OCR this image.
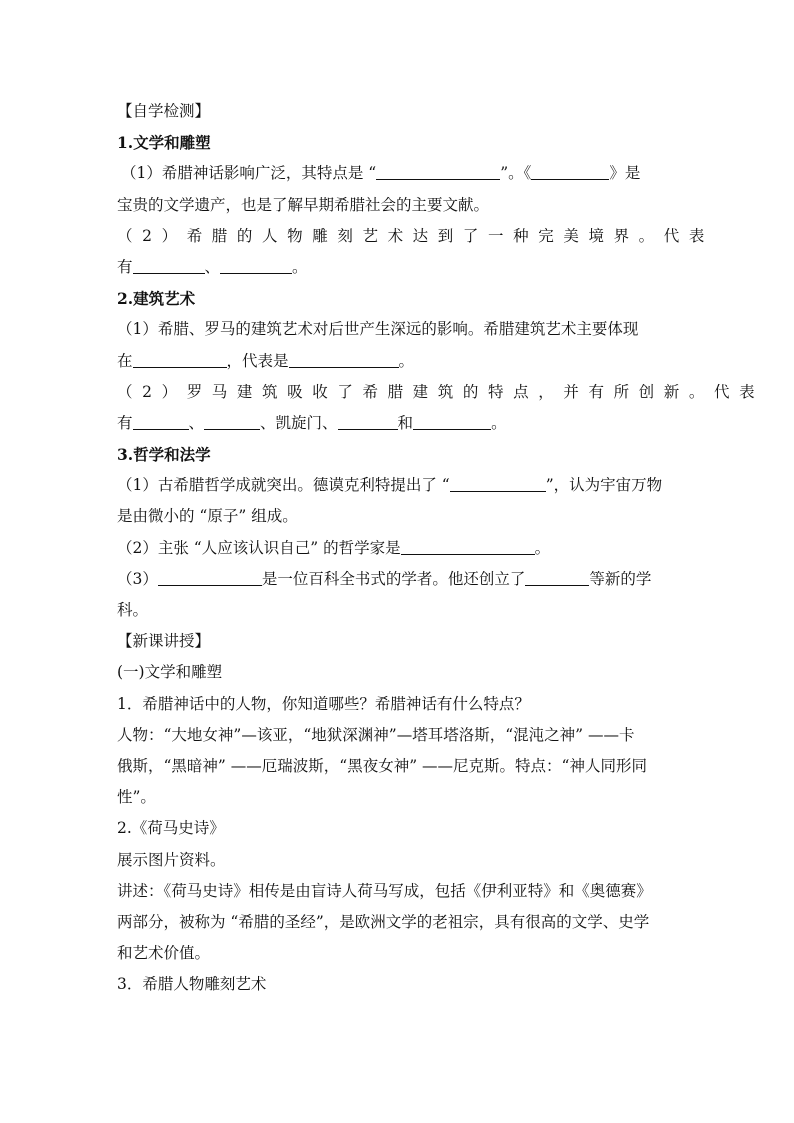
【自学检测】
1.文学和雕塑
（1）希腊神话影响广泛，其特点是 “	”。《	》是
宝贵的文学遗产，也是了解早期希腊社会的主要文献。
（2）希腊的人物雕刻艺术达到了一种完美境界。代表
有	、	。
2.建筑艺术
（1）希腊、罗马的建筑艺术对后世产生深远的影响。希腊建筑艺术主要体现
在	，代表是	。
（2）罗马建筑吸收了希腊建筑的特点，并有所创新。代表
有	、	、凯旋门、	和	。
3.哲学和法学
（1）古希腊哲学成就突出。德谟克利特提出了 “	”，认为宇宙万物
是由微小的 “原子” 组成。
（2）主张 “人应该认识自己” 的哲学家是	。
（3）	是一位百科全书式的学者。他还创立了	等新的学
科。
【新课讲授】
(一)文学和雕塑
1．希腊神话中的人物，你知道哪些？希腊神话有什么特点？
人物：“大地女神”—该亚，“地狱深渊神”—塔耳塔洛斯，“混沌之神” ——卡
俄斯，“黑暗神” ——厄瑞波斯，“黑夜女神” ——尼克斯。特点：“神人同形同
性”。
2.《荷马史诗》
展示图片资料。
讲述：《荷马史诗》相传是由盲诗人荷马写成，包括《伊利亚特》和《奥德赛》
两部分，被称为 “希腊的圣经”，是欧洲文学的老祖宗，具有很高的文学、史学
和艺术价值。
3．希腊人物雕刻艺术
